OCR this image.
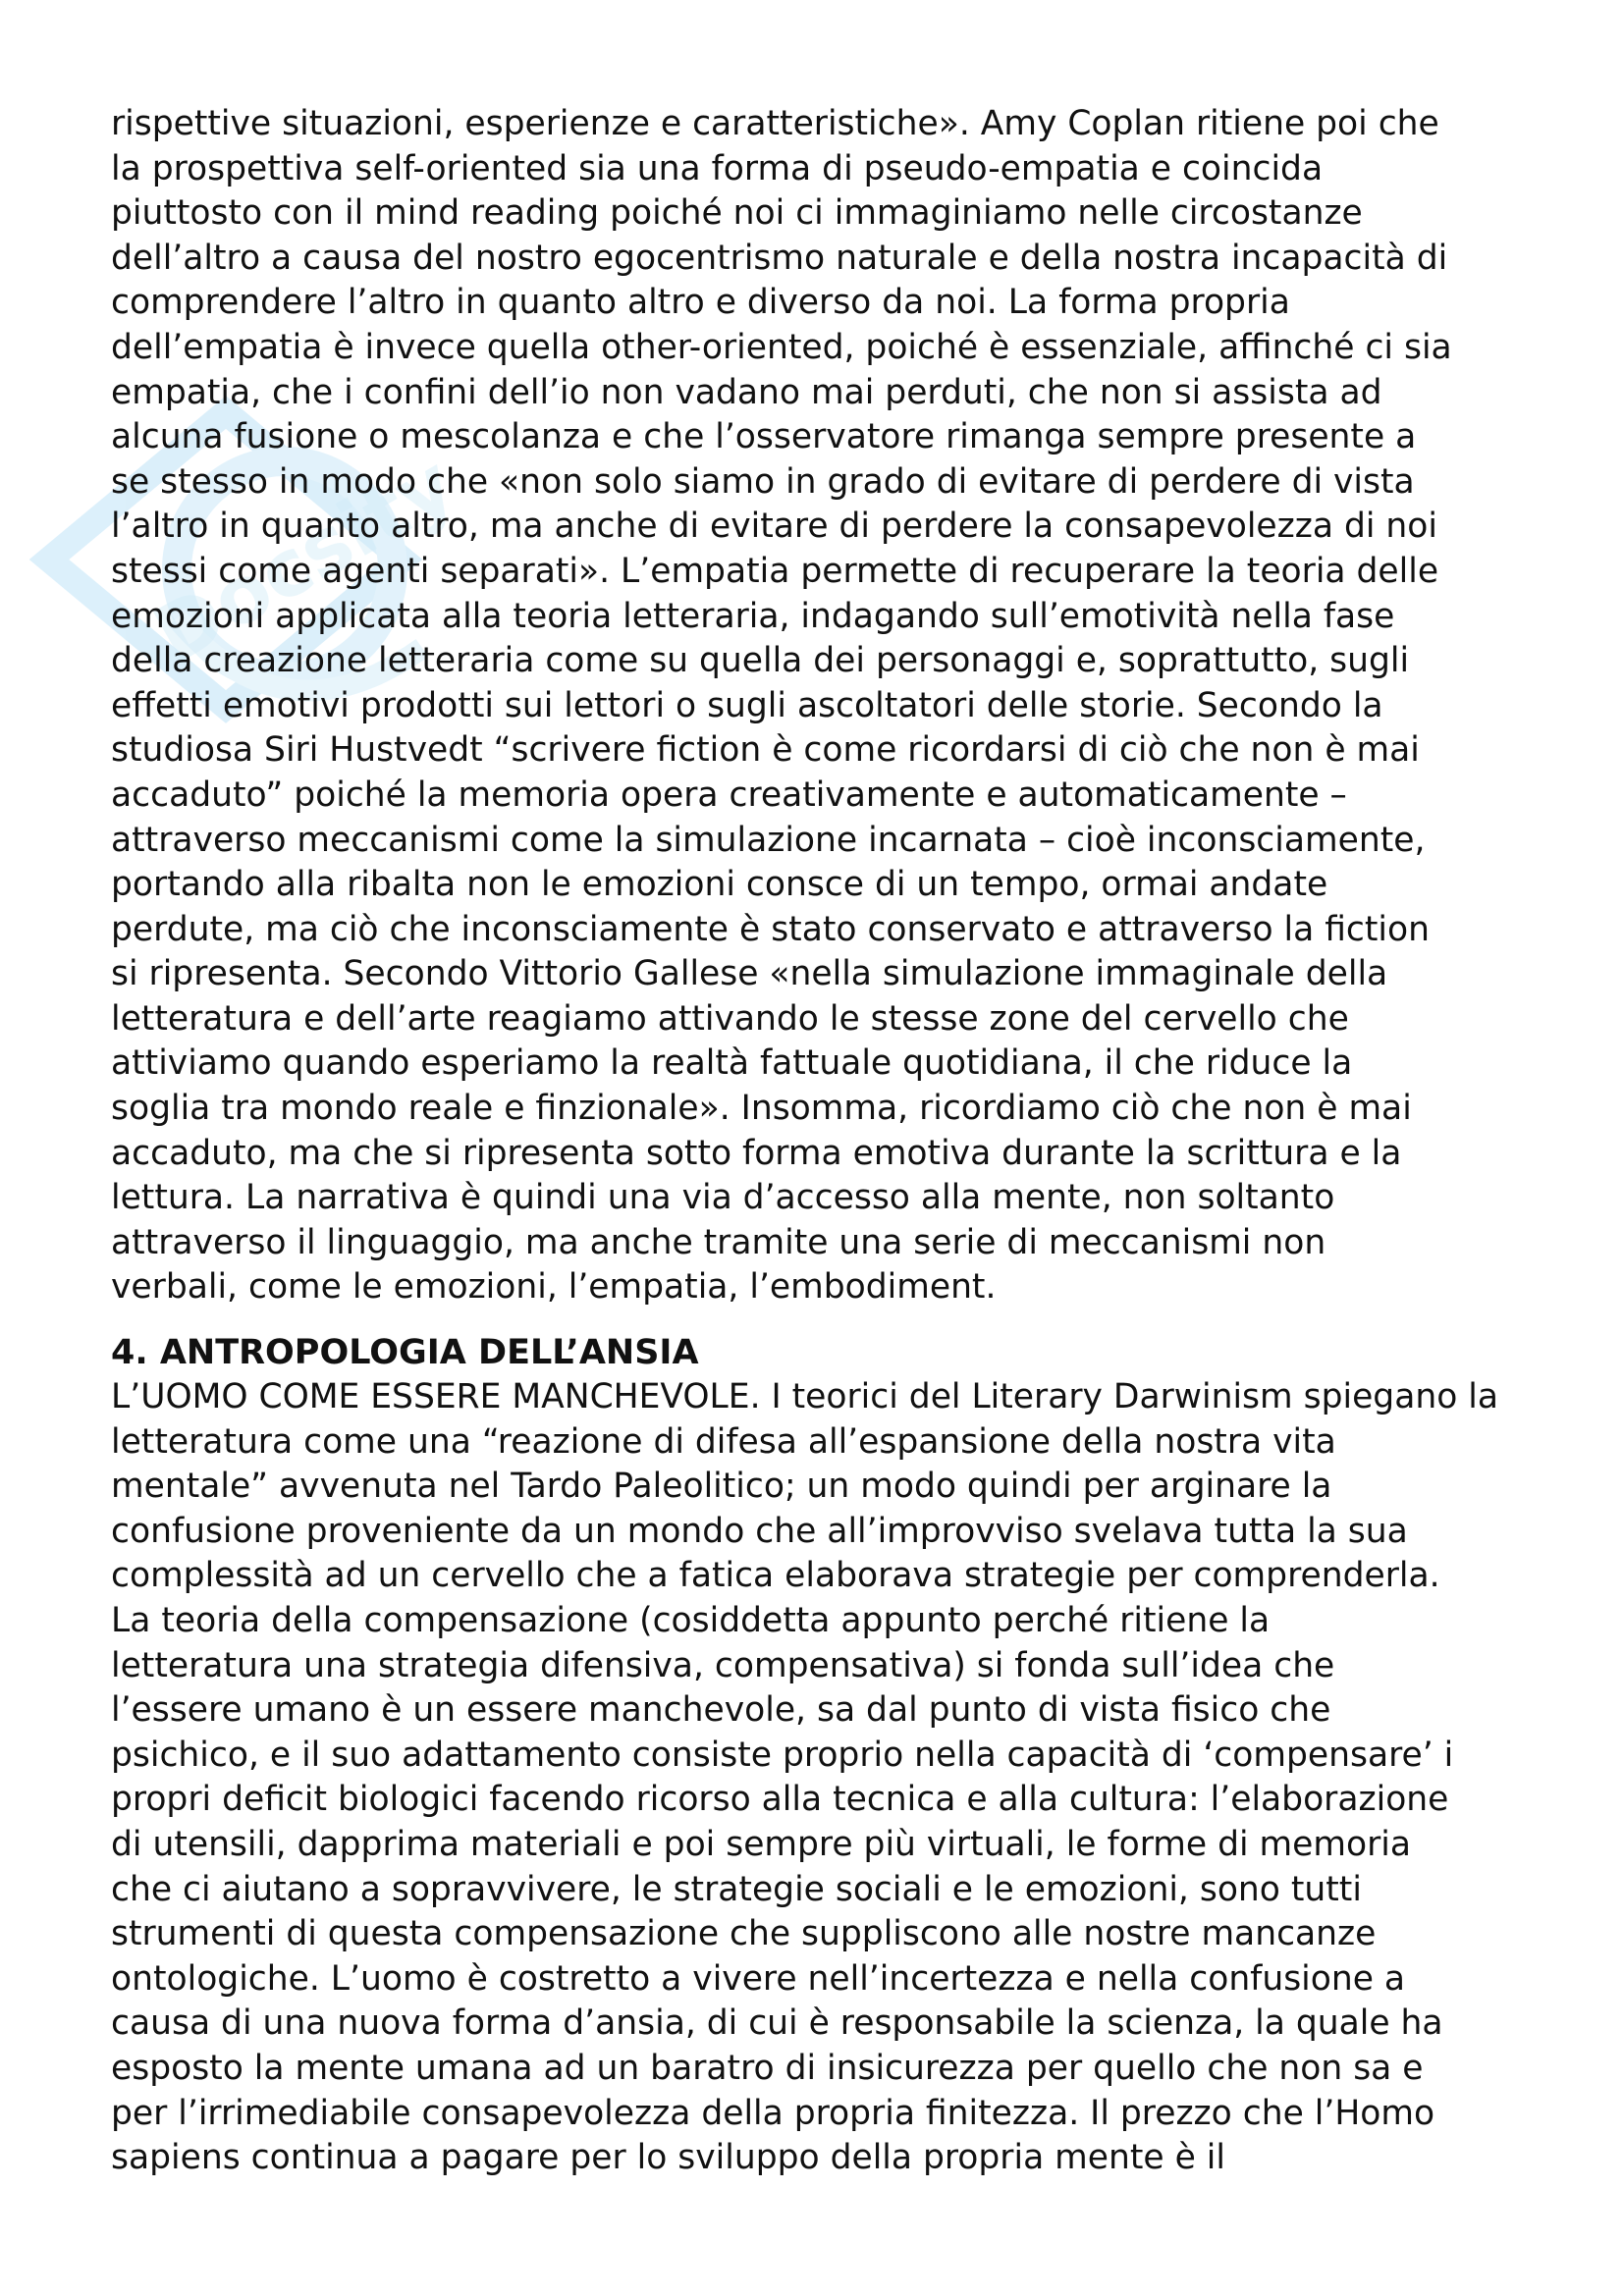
Docsity
rispettive situazioni, esperienze e caratteristiche». Amy Coplan ritiene poi che
la prospettiva self-oriented sia una forma di pseudo-empatia e coincida
piuttosto con il mind reading poiché noi ci immaginiamo nelle circostanze
dell’altro a causa del nostro egocentrismo naturale e della nostra incapacità di
comprendere l’altro in quanto altro e diverso da noi. La forma propria
dell’empatia è invece quella other-oriented, poiché è essenziale, affinché ci sia
empatia, che i confini dell’io non vadano mai perduti, che non si assista ad
alcuna fusione o mescolanza e che l’osservatore rimanga sempre presente a
se stesso in modo che «non solo siamo in grado di evitare di perdere di vista
l’altro in quanto altro, ma anche di evitare di perdere la consapevolezza di noi
stessi come agenti separati». L’empatia permette di recuperare la teoria delle
emozioni applicata alla teoria letteraria, indagando sull’emotività nella fase
della creazione letteraria come su quella dei personaggi e, soprattutto, sugli
effetti emotivi prodotti sui lettori o sugli ascoltatori delle storie. Secondo la
studiosa Siri Hustvedt “scrivere fiction è come ricordarsi di ciò che non è mai
accaduto” poiché la memoria opera creativamente e automaticamente –
attraverso meccanismi come la simulazione incarnata – cioè inconsciamente,
portando alla ribalta non le emozioni consce di un tempo, ormai andate
perdute, ma ciò che inconsciamente è stato conservato e attraverso la fiction
si ripresenta. Secondo Vittorio Gallese «nella simulazione immaginale della
letteratura e dell’arte reagiamo attivando le stesse zone del cervello che
attiviamo quando esperiamo la realtà fattuale quotidiana, il che riduce la
soglia tra mondo reale e finzionale». Insomma, ricordiamo ciò che non è mai
accaduto, ma che si ripresenta sotto forma emotiva durante la scrittura e la
lettura. La narrativa è quindi una via d’accesso alla mente, non soltanto
attraverso il linguaggio, ma anche tramite una serie di meccanismi non
verbali, come le emozioni, l’empatia, l’embodiment.
4. ANTROPOLOGIA DELL’ANSIA
L’UOMO COME ESSERE MANCHEVOLE. I teorici del Literary Darwinism spiegano la
letteratura come una “reazione di difesa all’espansione della nostra vita
mentale” avvenuta nel Tardo Paleolitico; un modo quindi per arginare la
confusione proveniente da un mondo che all’improvviso svelava tutta la sua
complessità ad un cervello che a fatica elaborava strategie per comprenderla.
La teoria della compensazione (cosiddetta appunto perché ritiene la
letteratura una strategia difensiva, compensativa) si fonda sull’idea che
l’essere umano è un essere manchevole, sa dal punto di vista fisico che
psichico, e il suo adattamento consiste proprio nella capacità di ‘compensare’ i
propri deficit biologici facendo ricorso alla tecnica e alla cultura: l’elaborazione
di utensili, dapprima materiali e poi sempre più virtuali, le forme di memoria
che ci aiutano a sopravvivere, le strategie sociali e le emozioni, sono tutti
strumenti di questa compensazione che suppliscono alle nostre mancanze
ontologiche. L’uomo è costretto a vivere nell’incertezza e nella confusione a
causa di una nuova forma d’ansia, di cui è responsabile la scienza, la quale ha
esposto la mente umana ad un baratro di insicurezza per quello che non sa e
per l’irrimediabile consapevolezza della propria finitezza. Il prezzo che l’Homo
sapiens continua a pagare per lo sviluppo della propria mente è il
